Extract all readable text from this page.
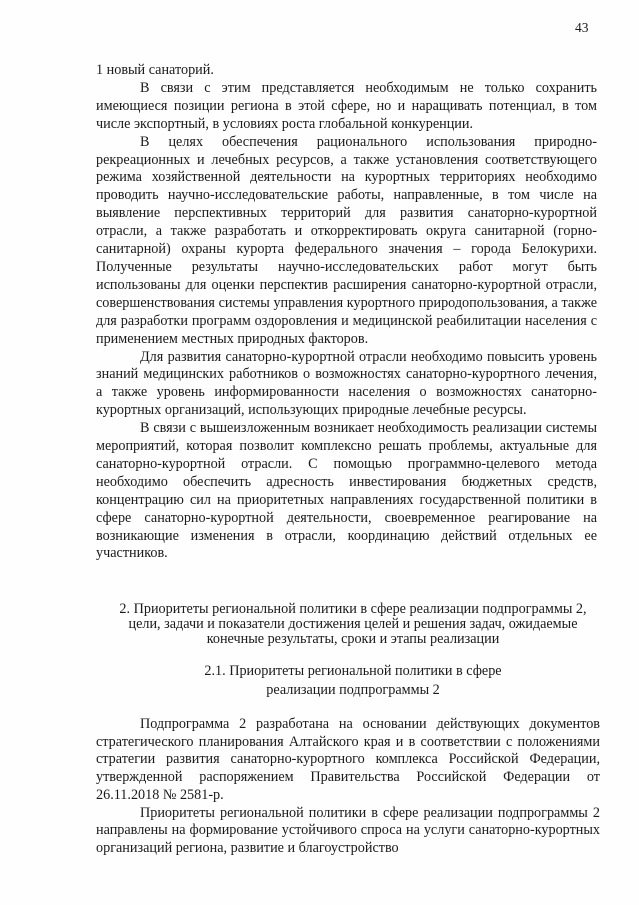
43

1 новый санаторий.

В связи с этим представляется необходимым не только сохранить имеющиеся позиции региона в этой сфере, но и наращивать потенциал, в том числе экспортный, в условиях роста глобальной конкуренции.

В целях обеспечения рационального использования природно-рекреационных и лечебных ресурсов, а также установления соответствующего режима хозяйственной деятельности на курортных территориях необходимо проводить научно-исследовательские работы, направленные, в том числе на выявление перспективных территорий для развития санаторно-курортной отрасли, а также разработать и откорректировать округа санитарной (горно-санитарной) охраны курорта федерального значения – города Белокурихи. Полученные результаты научно-исследовательских работ могут быть использованы для оценки перспектив расширения санаторно-курортной отрасли, совершенствования системы управления курортного природопользования, а также для разработки программ оздоровления и медицинской реабилитации населения с применением местных природных факторов.

Для развития санаторно-курортной отрасли необходимо повысить уровень знаний медицинских работников о возможностях санаторно-курортного лечения, а также уровень информированности населения о возможностях санаторно-курортных организаций, использующих природные лечебные ресурсы.

В связи с вышеизложенным возникает необходимость реализации системы мероприятий, которая позволит комплексно решать проблемы, актуальные для санаторно-курортной отрасли. С помощью программно-целевого метода необходимо обеспечить адресность инвестирования бюджетных средств, концентрацию сил на приоритетных направлениях государственной политики в сфере санаторно-курортной деятельности, своевременное реагирование на возникающие изменения в отрасли, координацию действий отдельных ее участников.

2. Приоритеты региональной политики в сфере реализации подпрограммы 2,
цели, задачи и показатели достижения целей и решения задач, ожидаемые
конечные результаты, сроки и этапы реализации
2.1. Приоритеты региональной политики в сфере
реализации подпрограммы 2

Подпрограмма 2 разработана на основании действующих документов стратегического планирования Алтайского края и в соответствии с положениями стратегии развития санаторно-курортного комплекса Российской Федерации, утвержденной распоряжением Правительства Российской Федерации от 26.11.2018 № 2581-р.

Приоритеты региональной политики в сфере реализации подпрограммы 2 направлены на формирование устойчивого спроса на услуги санаторно-курортных организаций региона, развитие и благоустройство
